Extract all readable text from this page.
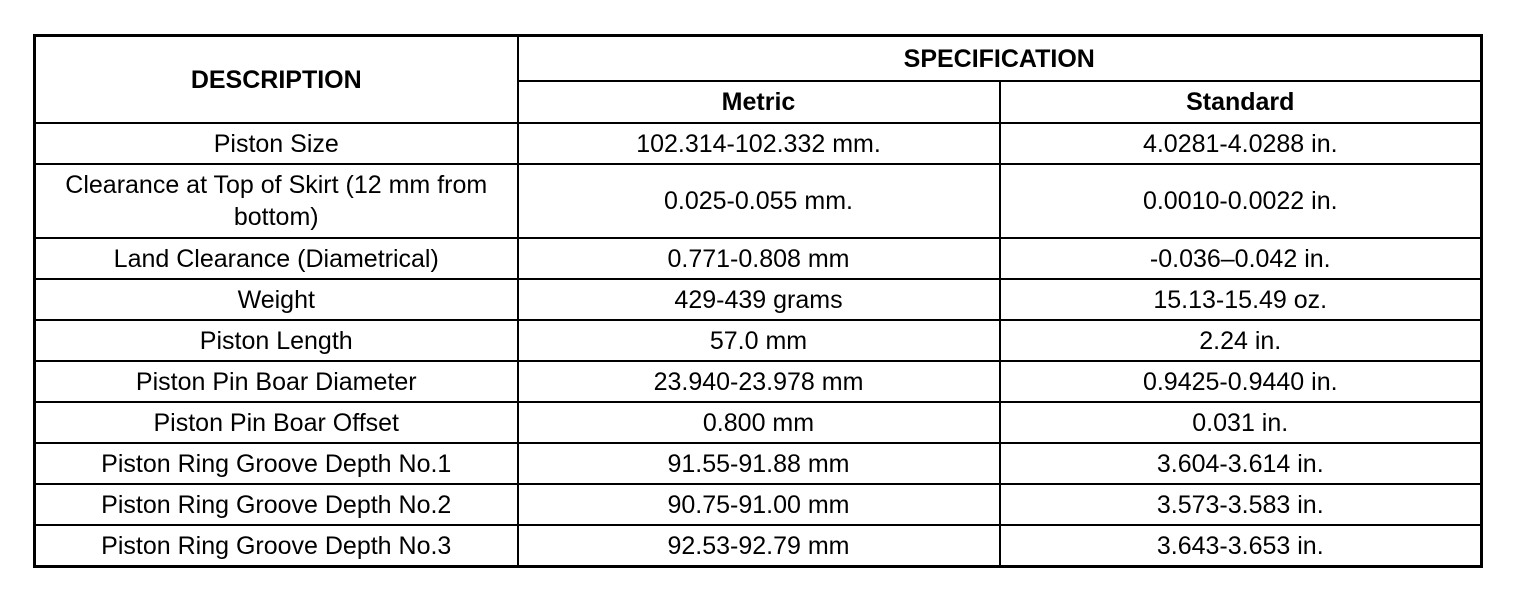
DESCRIPTION	SPECIFICATION	
	Metric	Standard
Piston Size	102.314-102.332 mm.	4.0281-4.0288 in.
Clearance at Top of Skirt (12 mm from bottom)	0.025-0.055 mm.	0.0010-0.0022 in.
Land Clearance (Diametrical)	0.771-0.808 mm	-0.036–0.042 in.
Weight	429-439 grams	15.13-15.49 oz.
Piston Length	57.0 mm	2.24 in.
Piston Pin Boar Diameter	23.940-23.978 mm	0.9425-0.9440 in.
Piston Pin Boar Offset	0.800 mm	0.031 in.
Piston Ring Groove Depth No.1	91.55-91.88 mm	3.604-3.614 in.
Piston Ring Groove Depth No.2	90.75-91.00 mm	3.573-3.583 in.
Piston Ring Groove Depth No.3	92.53-92.79 mm	3.643-3.653 in.
